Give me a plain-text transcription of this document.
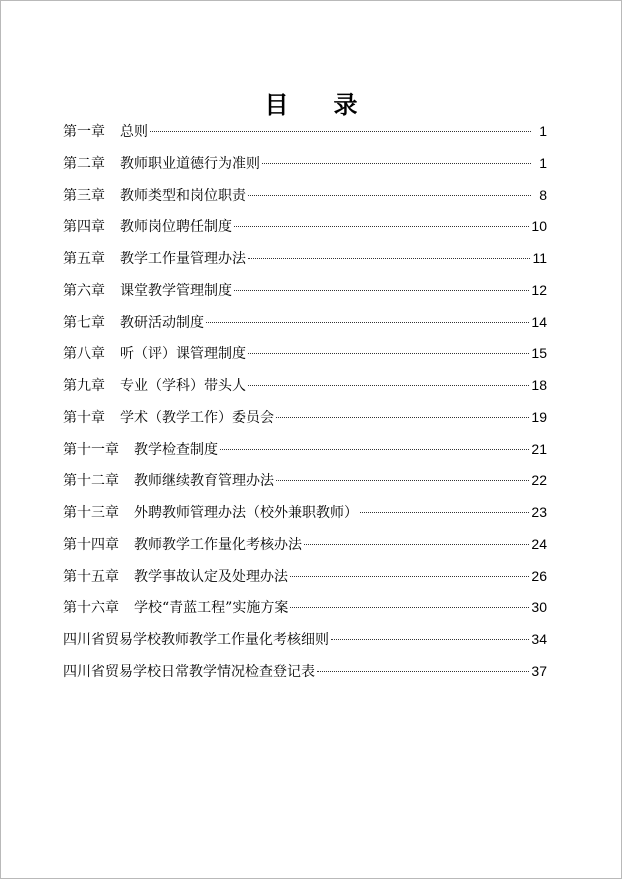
目录
第一章 总则	1
第二章 教师职业道德行为准则	1
第三章 教师类型和岗位职责	8
第四章 教师岗位聘任制度	10
第五章 教学工作量管理办法	11
第六章 课堂教学管理制度	12
第七章 教研活动制度	14
第八章 听（评）课管理制度	15
第九章 专业（学科）带头人	18
第十章 学术（教学工作）委员会	19
第十一章 教学检查制度	21
第十二章 教师继续教育管理办法	22
第十三章 外聘教师管理办法（校外兼职教师）	23
第十四章 教师教学工作量化考核办法	24
第十五章 教学事故认定及处理办法	26
第十六章 学校“青蓝工程”实施方案	30
四川省贸易学校教师教学工作量化考核细则	34
四川省贸易学校日常教学情况检查登记表	37
